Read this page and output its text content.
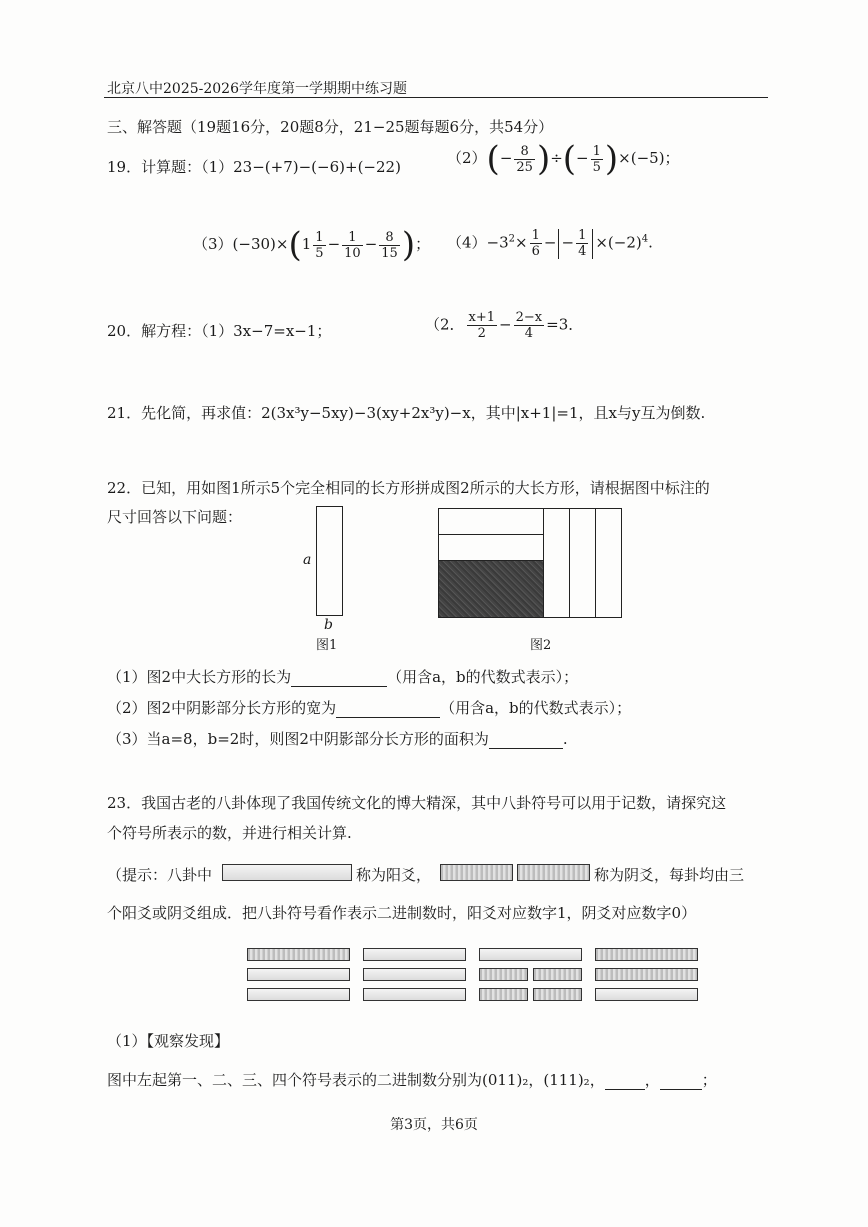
北京八中2025-2026学年度第一学期期中练习题
三、解答题（19题16分，20题8分，21−25题每题6分，共54分）
19．计算题：（1）23−(+7)−(−6)+(−22)	$(2)(- \frac{8}{25}$ )÷(− $\frac{1}{5} )\times(-5)$；
$(3)(-30)\times(1 \frac{1}{5} - \frac{1}{10} - \frac{8}{15}$ )； $(4)-3^2\times \frac{1}{6}$ − − $\frac{1}{4} \times(-2)^4$.
20．解方程：（1）3x−7=x−1；	（2． $\frac{x+1}{2} - \frac{2-x}{4} =3$．
21．先化简，再求值：2(3x³y−5xy)−3(xy+2x³y)−x，其中|x+1|=1，且x与y互为倒数.
22．已知，用如图1所示5个完全相同的长方形拼成图2所示的大长方形，请根据图中标注的
尺寸回答以下问题：
a
b
图1	图2
（1）图2中大长方形的长为	（用含a，b的代数式表示）；
（2）图2中阴影部分长方形的宽为	（用含a，b的代数式表示）；
（3）当a=8，b=2时，则图2中阴影部分长方形的面积为	.
23．我国古老的八卦体现了我国传统文化的博大精深，其中八卦符号可以用于记数，请探究这
个符号所表示的数，并进行相关计算.
（提示：八卦中	称为阳爻，	称为阴爻，每卦均由三
个阳爻或阴爻组成．把八卦符号看作表示二进制数时，阳爻对应数字1，阴爻对应数字0）
（1）【观察发现】
图中左起第一、二、三、四个符号表示的二进制数分别为(011)₂，(111)₂，	，	；
第3页，共6页
